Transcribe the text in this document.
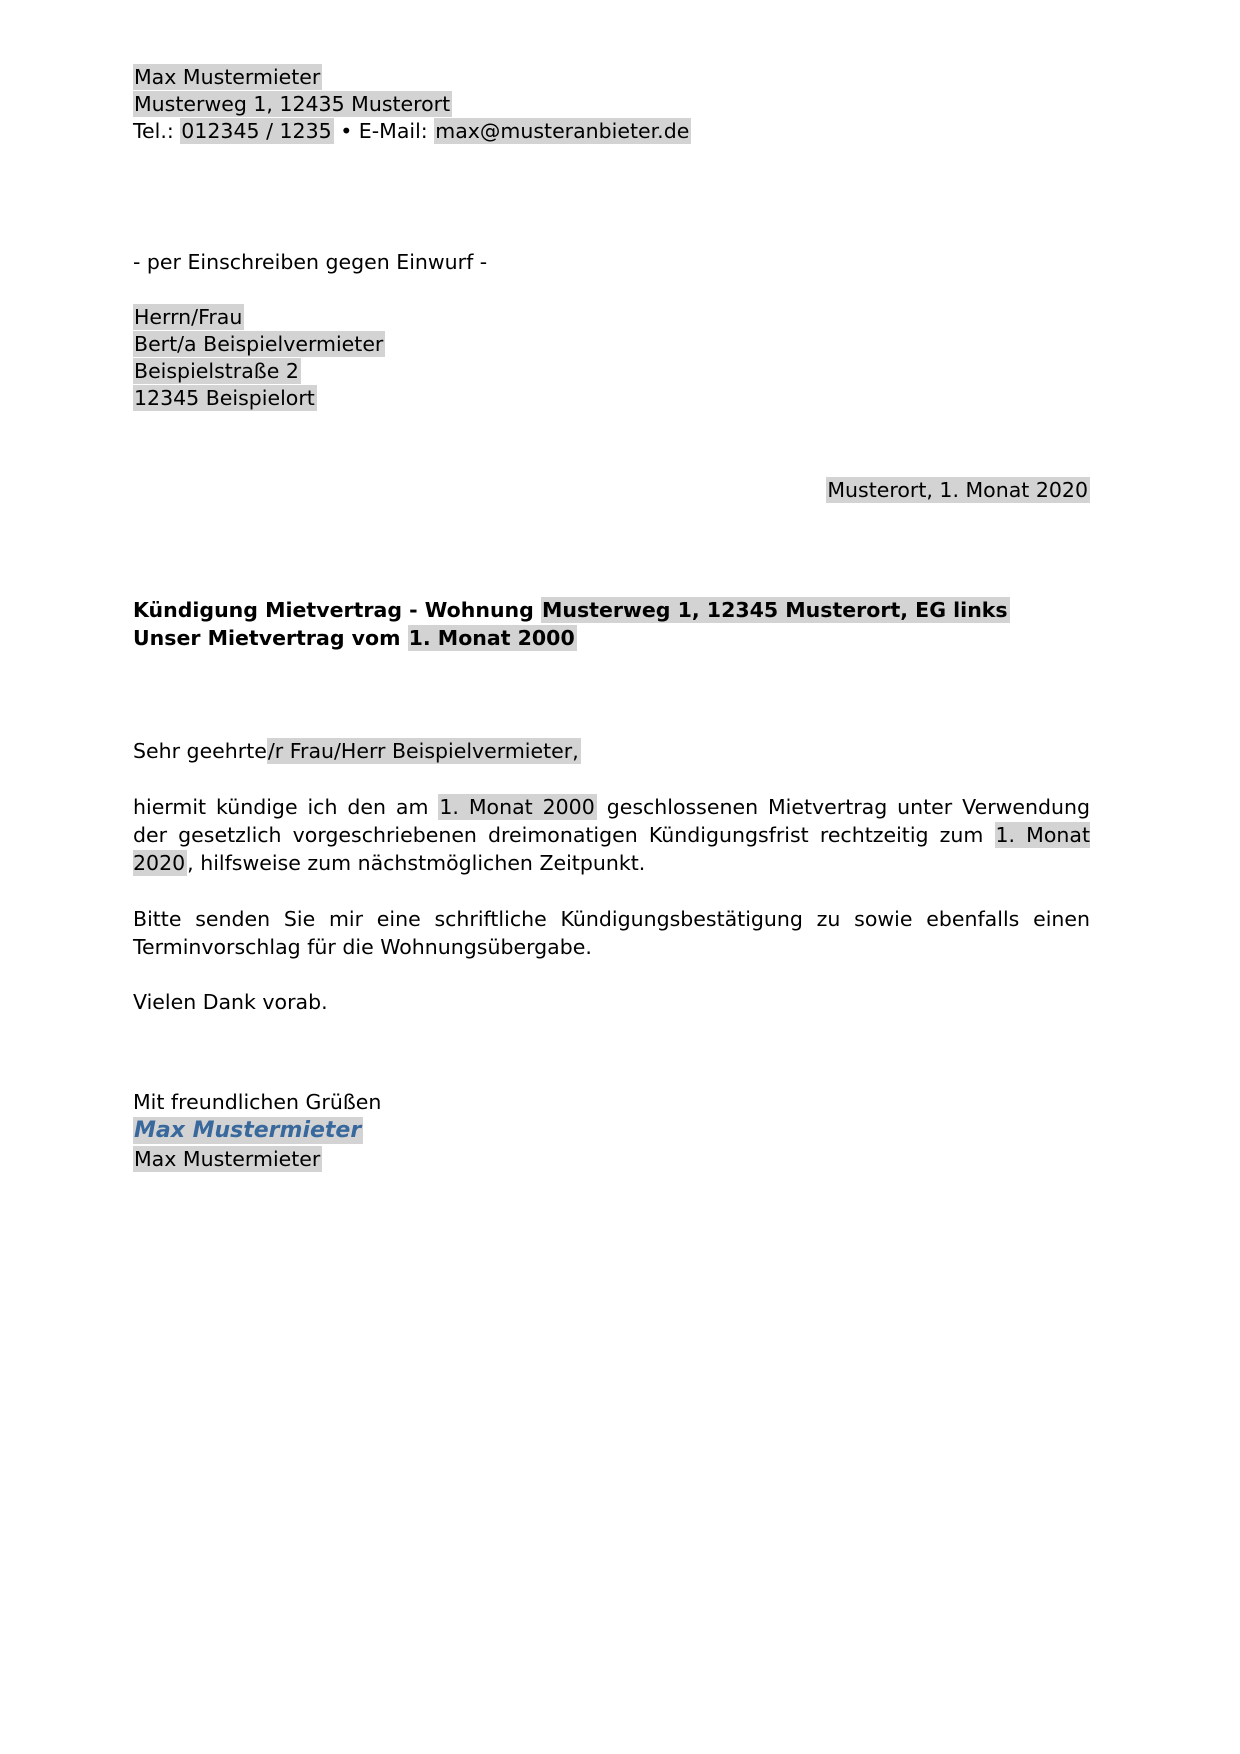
Max Mustermieter
Musterweg 1, 12435 Musterort
Tel.: 012345 / 1235 • E-Mail: max@musteranbieter.de
- per Einschreiben gegen Einwurf -
Herrn/Frau
Bert/a Beispielvermieter
Beispielstraße 2
12345 Beispielort
Musterort, 1. Monat 2020
Kündigung Mietvertrag - Wohnung Musterweg 1, 12345 Musterort, EG links
Unser Mietvertrag vom 1. Monat 2000
Sehr geehrte/r Frau/Herr Beispielvermieter,
hiermit kündige ich den am 1. Monat 2000 geschlossenen Mietvertrag unter Verwendung der gesetzlich vorgeschriebenen dreimonatigen Kündigungsfrist rechtzeitig zum 1. Monat 2020, hilfsweise zum nächstmöglichen Zeitpunkt.
Bitte senden Sie mir eine schriftliche Kündigungsbestätigung zu sowie ebenfalls einen Terminvorschlag für die Wohnungsübergabe.
Vielen Dank vorab.
Mit freundlichen Grüßen
Max Mustermieter
Max Mustermieter
